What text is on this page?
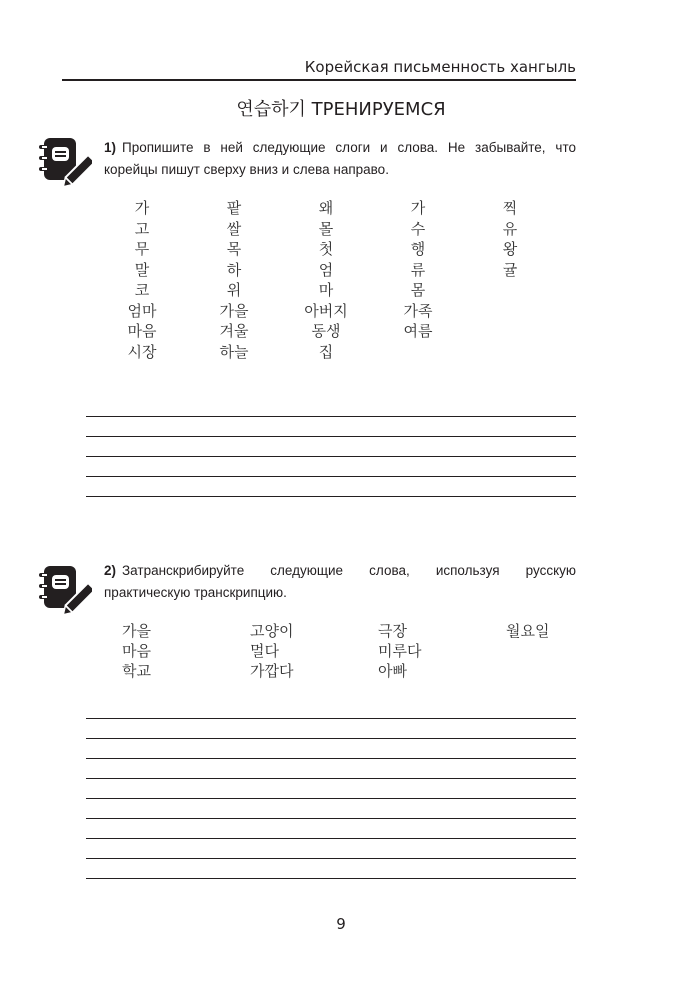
Корейская письменность хангыль
연습하기 ТРЕНИРУЕМСЯ
1) Пропишите в ней следующие слоги и слова. Не забывайте, что корейцы пишут сверху вниз и слева направо.
가	팥	왜	가	찍
고	쌀	몰	수	유
무	목	첫	행	왕
말	하	엄	류	귤
코	위	마	몸
엄마	가을	아버지	가족
마음	겨울	동생	여름
시장	하늘	집
2) Затранскрибируйте следующие слова, используя русскую практическую транскрипцию.
가을	고양이	극장	월요일
마음	멀다	미루다
학교	가깝다	아빠
9
